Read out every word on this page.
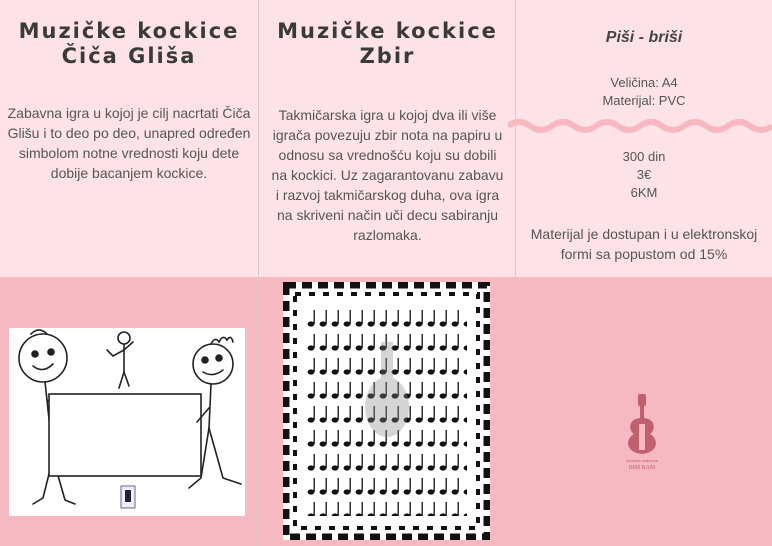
Muzičke kockice
Čiča Gliša
Zabavna igra u kojoj je cilj nacrtati Čiča Glišu i to deo po deo, unapred određen simbolom notne vrednosti koju dete dobije bacanjem kockice.
Muzičke kockice
Zbir
Takmičarska igra u kojoj dva ili više igrača povezuju zbir nota na papiru u odnosu sa vrednošću koju su dobili na kockici. Uz zagarantovanu zabavu i razvoj takmičarskog duha, ova igra na skriveni način uči decu sabiranju razlomaka.
Piši - briši
Veličina: A4
Materijal: PVC
300 din
3€
6KM
Materijal je dostupan i u elektronskoj formi sa popustom od 15%
muzička radionica
BIM BAM
